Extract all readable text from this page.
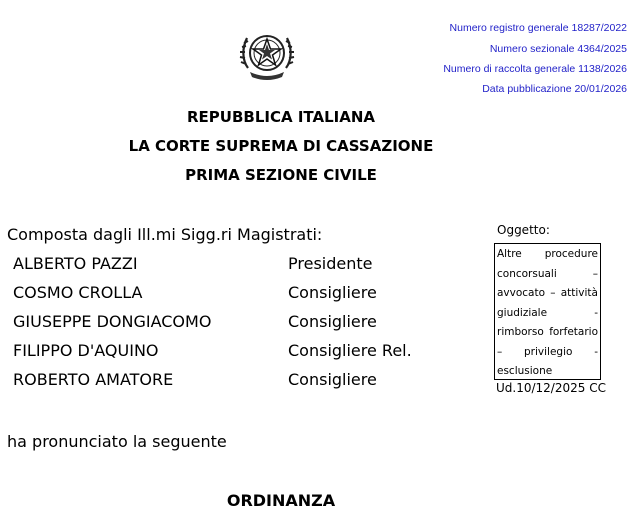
Numero registro generale 18287/2022
Numero sezionale 4364/2025
Numero di raccolta generale 1138/2026
Data pubblicazione 20/01/2026
REPUBBLICA ITALIANA
LA CORTE SUPREMA DI CASSAZIONE
PRIMA SEZIONE CIVILE
Composta dagli Ill.mi Sigg.ri Magistrati:
ALBERTO PAZZI	Presidente
COSMO CROLLA	Consigliere
GIUSEPPE DONGIACOMO	Consigliere
FILIPPO D'AQUINO	Consigliere Rel.
ROBERTO AMATORE	Consigliere
Oggetto:
Altre procedure
concorsuali	–
avvocato – attività
giudiziale	-
rimborso forfetario
– privilegio -
esclusione
Ud.10/12/2025 CC
ha pronunciato la seguente
ORDINANZA
